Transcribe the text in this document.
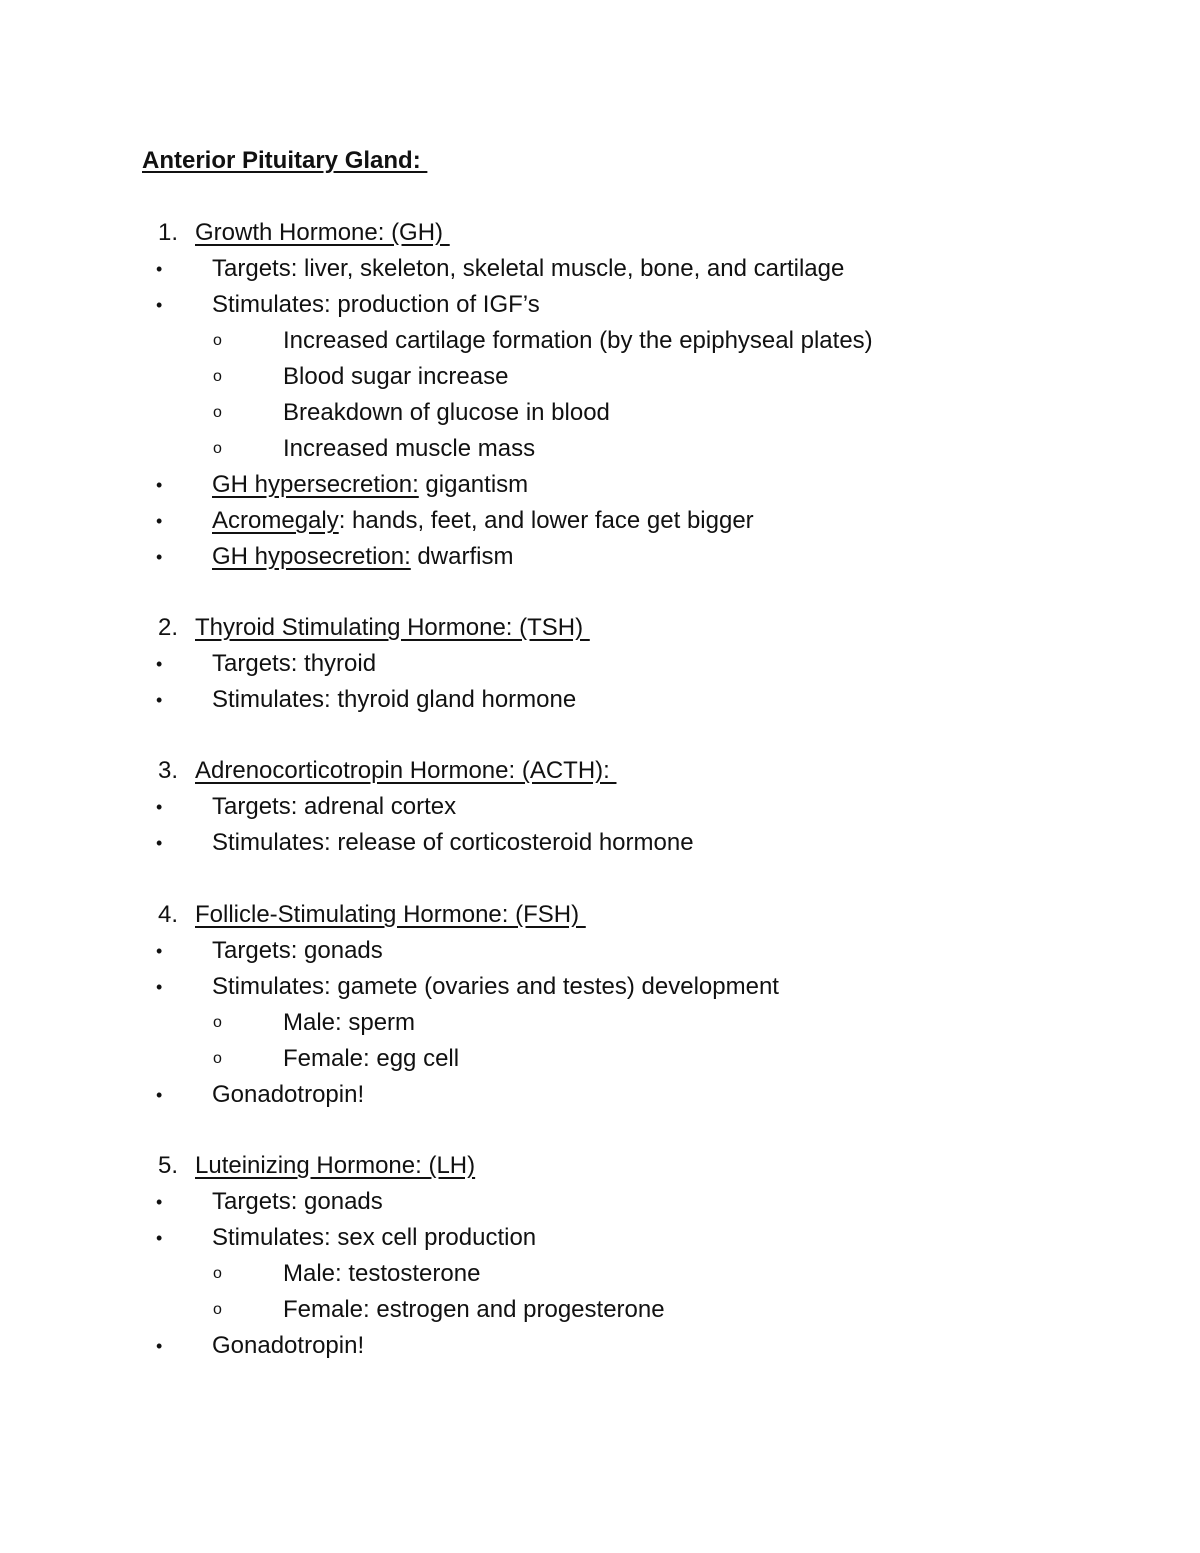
Anterior Pituitary Gland:
1. Growth Hormone: (GH)
• Targets: liver, skeleton, skeletal muscle, bone, and cartilage
• Stimulates: production of IGF’s
o	Increased cartilage formation (by the epiphyseal plates)
o	Blood sugar increase
o	Breakdown of glucose in blood
o	Increased muscle mass
• GH hypersecretion: gigantism
• Acromegaly: hands, feet, and lower face get bigger
• GH hyposecretion: dwarfism
2. Thyroid Stimulating Hormone: (TSH)
• Targets: thyroid
• Stimulates: thyroid gland hormone
3. Adrenocorticotropin Hormone: (ACTH):
• Targets: adrenal cortex
• Stimulates: release of corticosteroid hormone
4. Follicle-Stimulating Hormone: (FSH)
• Targets: gonads
• Stimulates: gamete (ovaries and testes) development
o	Male: sperm
o	Female: egg cell
• Gonadotropin!
5. Luteinizing Hormone: (LH)
• Targets: gonads
• Stimulates: sex cell production
o	Male: testosterone
o	Female: estrogen and progesterone
• Gonadotropin!
